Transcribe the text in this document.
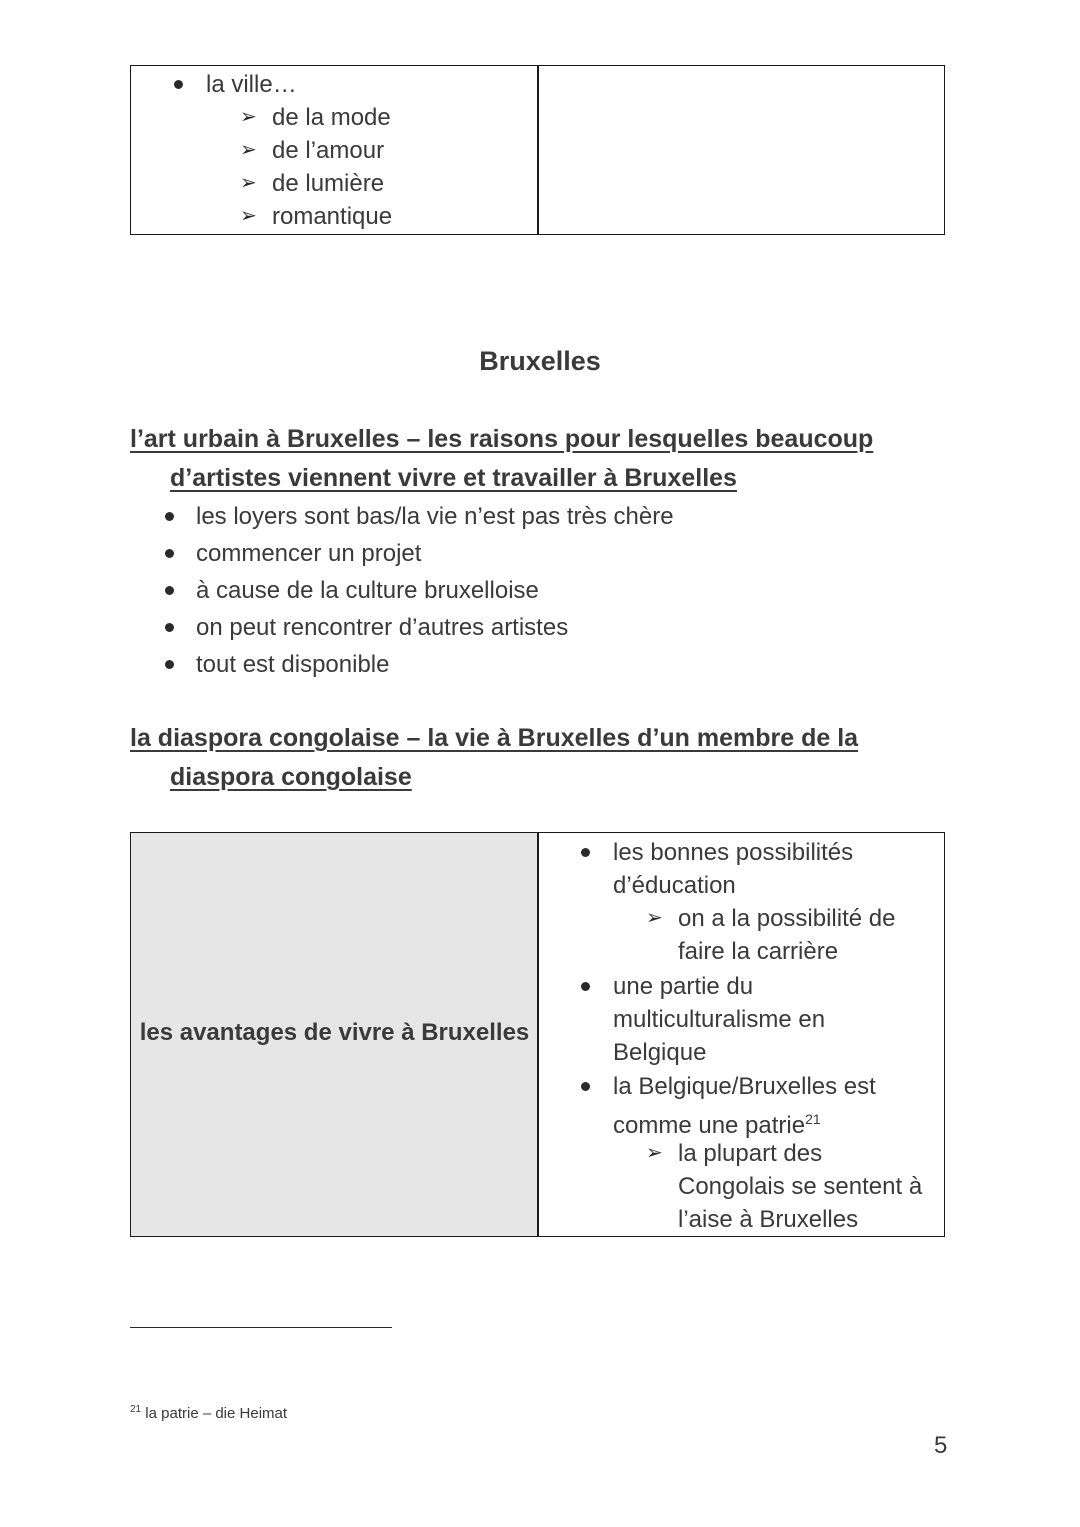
la ville…
➢ de la mode
➢ de l’amour
➢ de lumière
➢ romantique
Bruxelles
l’art urbain à Bruxelles – les raisons pour lesquelles beaucoup
d’artistes viennent vivre et travailler à Bruxelles
les loyers sont bas/la vie n’est pas très chère
commencer un projet
à cause de la culture bruxelloise
on peut rencontrer d’autres artistes
tout est disponible
la diaspora congolaise – la vie à Bruxelles d’un membre de la
diaspora congolaise
les avantages de vivre à Bruxelles
les bonnes possibilités
d’éducation
➢ on a la possibilité de
faire la carrière
une partie du
multiculturalisme en
Belgique
la Belgique/Bruxelles est
comme une patrie$^{21}$
➢ la plupart des
Congolais se sentent à
l’aise à Bruxelles
$^{21}$ la patrie – die Heimat
5
